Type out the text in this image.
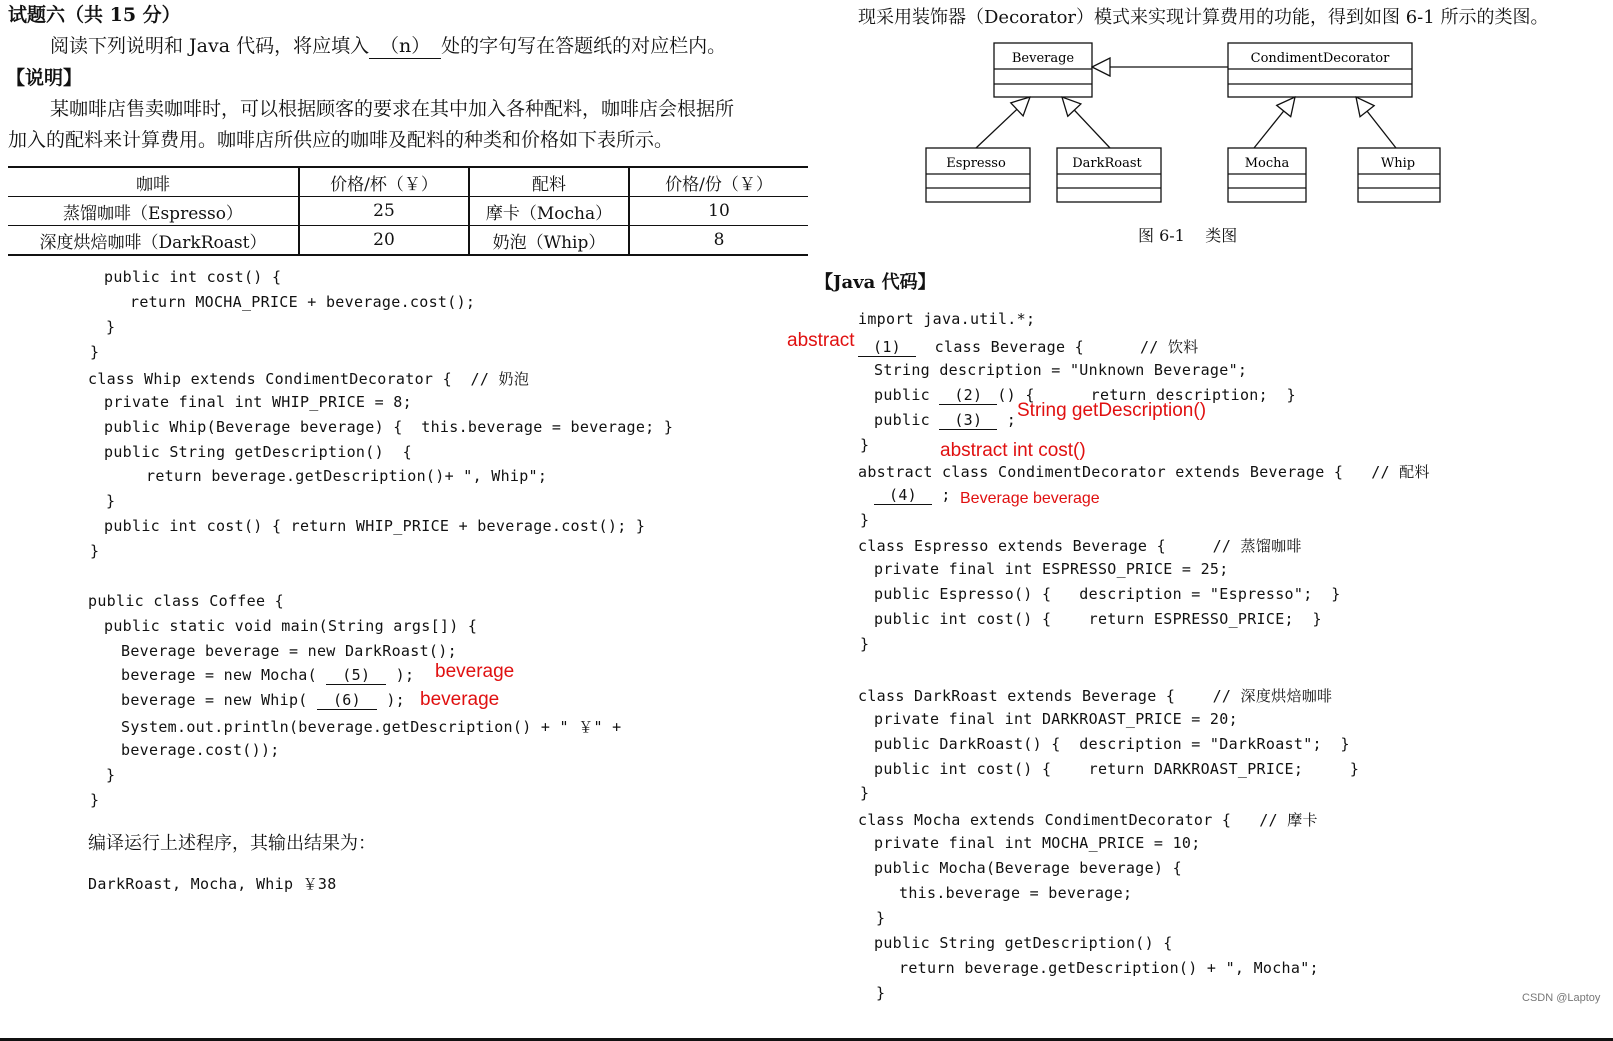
试题六（共 15 分）
阅读下列说明和 Java 代码，将应填入 （n） 处的字句写在答题纸的对应栏内。
【说明】
某咖啡店售卖咖啡时，可以根据顾客的要求在其中加入各种配料，咖啡店会根据所
加入的配料来计算费用。咖啡店所供应的咖啡及配料的种类和价格如下表所示。
咖啡	价格/杯（￥）	配料	价格/份（￥）
蒸馏咖啡（Espresso）	25	摩卡（Mocha）	10
深度烘焙咖啡（DarkRoast）	20	奶泡（Whip）	8
public int cost() {
return MOCHA_PRICE + beverage.cost();
}
}
class Whip extends CondimentDecorator {  // 奶泡
private final int WHIP_PRICE = 8;
public Whip(Beverage beverage) {  this.beverage = beverage; }
public String getDescription()  {
return beverage.getDescription()+ ", Whip";
}
public int cost() { return WHIP_PRICE + beverage.cost(); }
}
public class Coffee {
public static void main(String args[]) {
Beverage beverage = new DarkRoast();
beverage = new Mocha( (5) );
beverage = new Whip( (6) );
System.out.println(beverage.getDescription() + " ￥" +
beverage.cost());
}
}
编译运行上述程序，其输出结果为：
DarkRoast, Mocha, Whip ￥38
beverage
beverage
现采用装饰器（Decorator）模式来实现计算费用的功能，得到如图 6-1 所示的类图。
Beverage	CondimentDecorator
Espresso	DarkRoast	Mocha	Whip
图 6-1    类图
【Java 代码】
import java.util.*;
(1) class Beverage {      // 饮料
String description = "Unknown Beverage";
public (2) () {      return description;  }
public (3) ;
}
abstract class CondimentDecorator extends Beverage {   // 配料
(4) ;
}
class Espresso extends Beverage {     // 蒸馏咖啡
private final int ESPRESSO_PRICE = 25;
public Espresso() {   description = "Espresso";  }
public int cost() {    return ESPRESSO_PRICE;  }
}
class DarkRoast extends Beverage {    // 深度烘焙咖啡
private final int DARKROAST_PRICE = 20;
public DarkRoast() {  description = "DarkRoast";  }
public int cost() {    return DARKROAST_PRICE;     }
}
class Mocha extends CondimentDecorator {   // 摩卡
private final int MOCHA_PRICE = 10;
public Mocha(Beverage beverage) {
this.beverage = beverage;
}
public String getDescription() {
return beverage.getDescription() + ", Mocha";
}
abstract
String getDescription()
abstract int cost()
Beverage beverage
CSDN @Laptoy
